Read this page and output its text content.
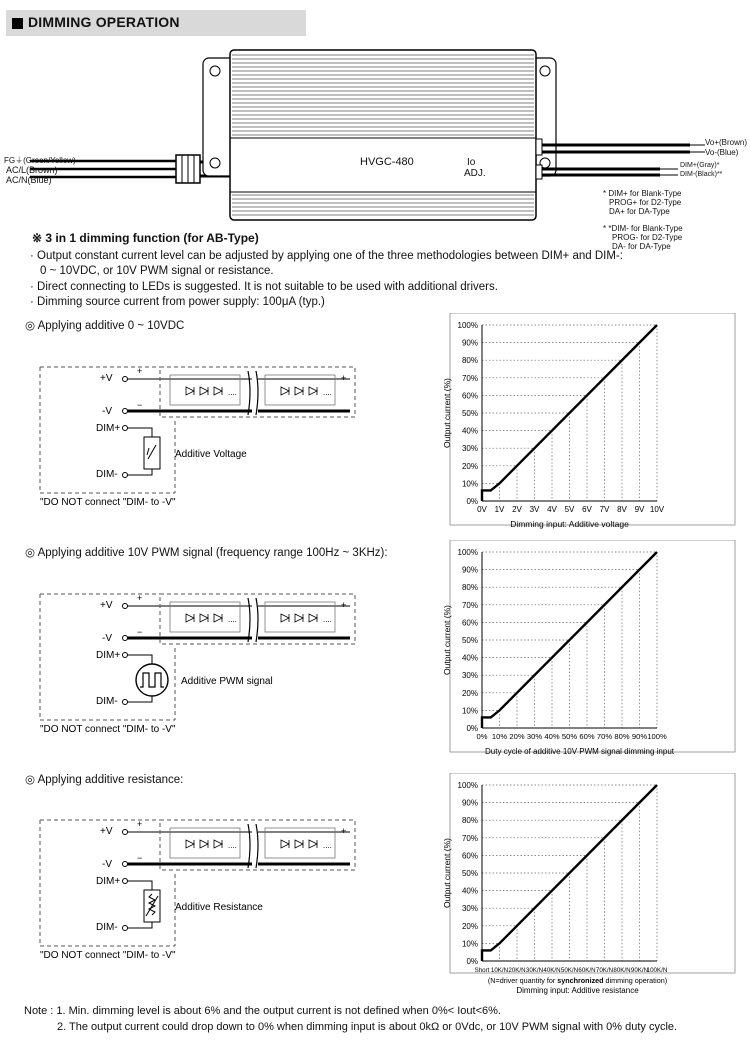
DIMMING OPERATION
HVGC-480	Io
ADJ.
FG⏚(Green/Yellow)
AC/L(Brown)
AC/N(Blue)
Vo+(Brown)
Vo-(Blue)
DIM+(Gray)*
DIM-(Black)**
* DIM+ for Blank-Type
PROG+ for D2-Type
DA+ for DA-Type
* *DIM- for Blank-Type
PROG- for D2-Type
DA- for DA-Type
※ 3 in 1 dimming function (for AB-Type)
· Output constant current level can be adjusted by applying one of the three methodologies between DIM+ and DIM-:
0 ~ 10VDC, or 10V PWM signal or resistance.
· Direct connecting to LEDs is suggested. It is not suitable to be used with additional drivers.
· Dimming source current from power supply: 100μA (typ.)
◎ Applying additive 0 ~ 10VDC
◎ Applying additive 10V PWM signal (frequency range 100Hz ~ 3KHz):
◎ Applying additive resistance:
+V
-V
DIM+
DIM-
+
−
+
−
....	....
Additive Voltage
"DO NOT connect "DIM- to -V"
+V
-V
DIM+
DIM-
+
−
+
−
....	....
Additive PWM signal
"DO NOT connect "DIM- to -V"
+V
-V
DIM+
DIM-
+
−
+
−
....	....
Additive Resistance
"DO NOT connect "DIM- to -V"
0%
10%
20%
30%
40%
50%
60%
70%
80%
90%
100%
0V 1V 2V 3V 4V 5V 6V 7V 8V 9V 10V
Output current (%)
Dimming input: Additive voltage
0%
10%
20%
30%
40%
50%
60%
70%
80%
90%
100%
0% 10% 20% 30% 40% 50% 60% 70% 80% 90% 100%
Output current (%)
Duty cycle of additive 10V PWM signal dimming input
0%
10%
20%
30%
40%
50%
60%
70%
80%
90%
100%
Short 10K/N 20K/N 30K/N 40K/N 50K/N 60K/N 70K/N 80K/N 90K/N
100K/N
Output current (%)
(N=driver quantity for synchronized dimming operation)
Dimming input: Additive resistance
Note : 1. Min. dimming level is about 6% and the output current is not defined when 0%< Iout<6%.
2. The output current could drop down to 0% when dimming input is about 0kΩ or 0Vdc, or 10V PWM signal with 0% duty cycle.
